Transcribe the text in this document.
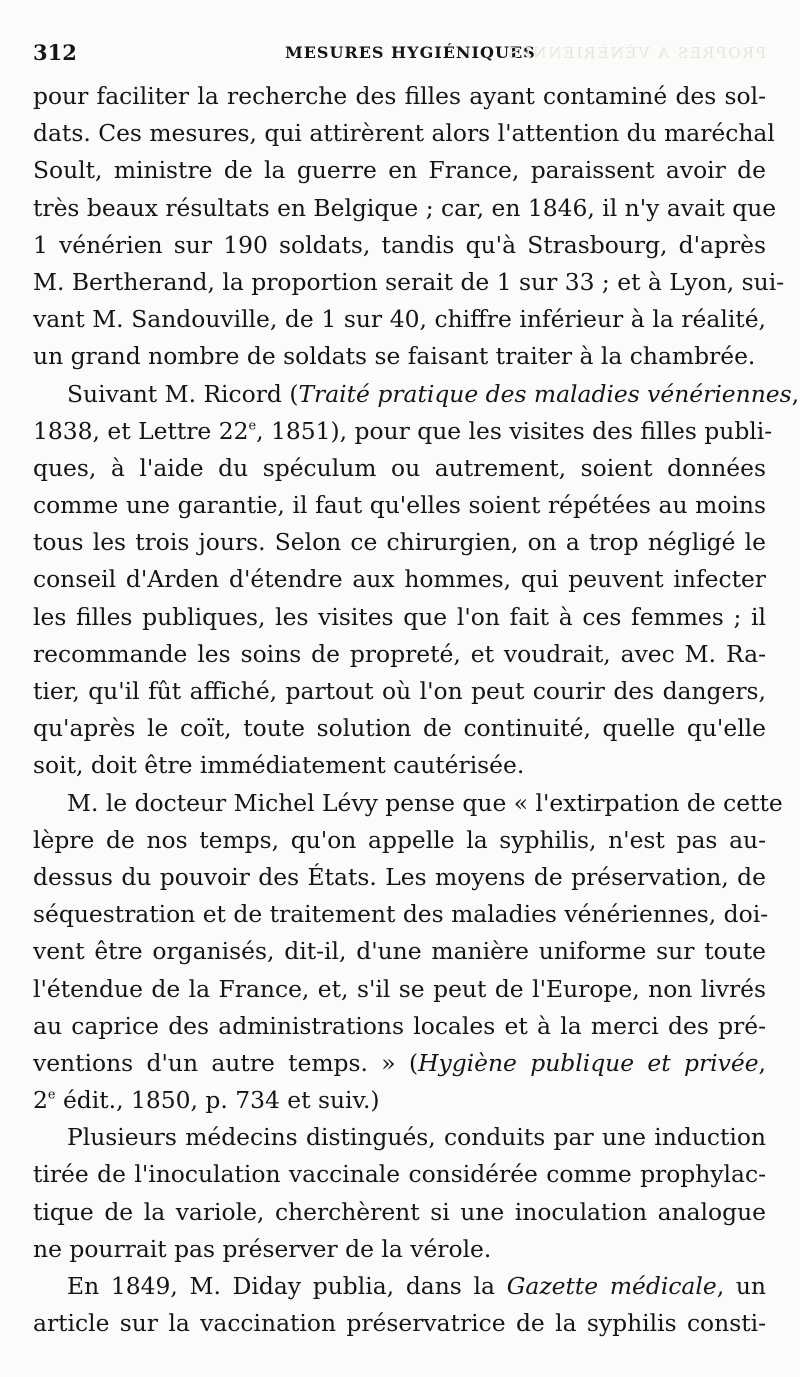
312	MESURES HYGIÉNIQUES
PROPRES A VÉNÉRIENNES
pour faciliter la recherche des filles ayant contaminé des sol-
dats. Ces mesures, qui attirèrent alors l'attention du maréchal
Soult, ministre de la guerre en France, paraissent avoir de
très beaux résultats en Belgique ; car, en 1846, il n'y avait que
1 vénérien sur 190 soldats, tandis qu'à Strasbourg, d'après
M. Bertherand, la proportion serait de 1 sur 33 ; et à Lyon, sui-
vant M. Sandouville, de 1 sur 40, chiffre inférieur à la réalité,
un grand nombre de soldats se faisant traiter à la chambrée.
Suivant M. Ricord (Traité pratique des maladies vénériennes,
1838, et Lettre 22e, 1851), pour que les visites des filles publi-
ques, à l'aide du spéculum ou autrement, soient données
comme une garantie, il faut qu'elles soient répétées au moins
tous les trois jours. Selon ce chirurgien, on a trop négligé le
conseil d'Arden d'étendre aux hommes, qui peuvent infecter
les filles publiques, les visites que l'on fait à ces femmes ; il
recommande les soins de propreté, et voudrait, avec M. Ra-
tier, qu'il fût affiché, partout où l'on peut courir des dangers,
qu'après le coït, toute solution de continuité, quelle qu'elle
soit, doit être immédiatement cautérisée.
M. le docteur Michel Lévy pense que « l'extirpation de cette
lèpre de nos temps, qu'on appelle la syphilis, n'est pas au-
dessus du pouvoir des États. Les moyens de préservation, de
séquestration et de traitement des maladies vénériennes, doi-
vent être organisés, dit-il, d'une manière uniforme sur toute
l'étendue de la France, et, s'il se peut de l'Europe, non livrés
au caprice des administrations locales et à la merci des pré-
ventions d'un autre temps. » (Hygiène publique et privée,
2e édit., 1850, p. 734 et suiv.)
Plusieurs médecins distingués, conduits par une induction
tirée de l'inoculation vaccinale considérée comme prophylac-
tique de la variole, cherchèrent si une inoculation analogue
ne pourrait pas préserver de la vérole.
En 1849, M. Diday publia, dans la Gazette médicale, un
article sur la vaccination préservatrice de la syphilis consti-
